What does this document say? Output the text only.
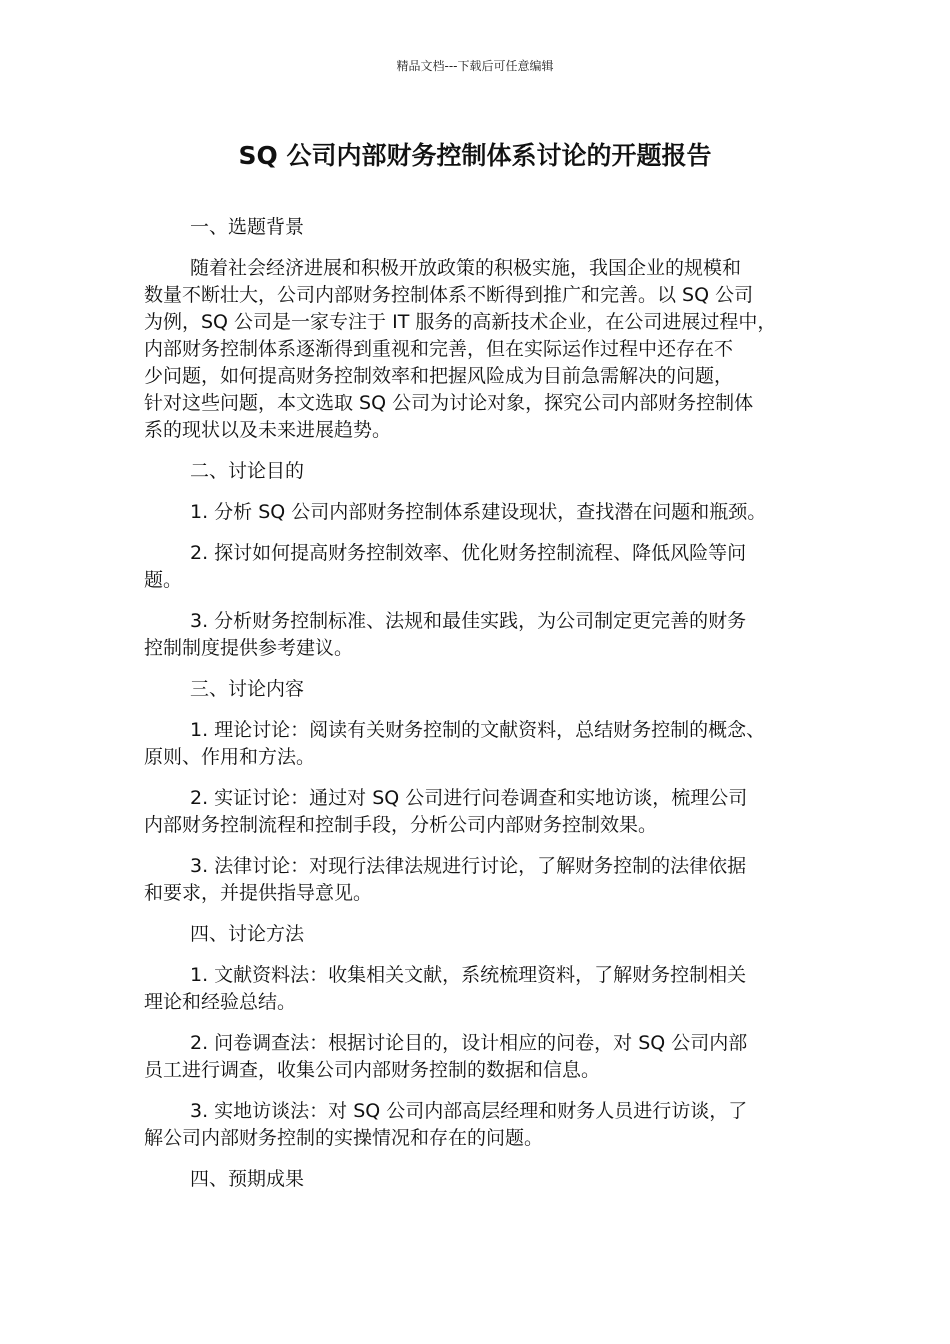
精品文档---下载后可任意编辑
SQ 公司内部财务控制体系讨论的开题报告
一、选题背景
随着社会经济进展和积极开放政策的积极实施，我国企业的规模和
数量不断壮大，公司内部财务控制体系不断得到推广和完善。以 SQ 公司
为例，SQ 公司是一家专注于 IT 服务的高新技术企业，在公司进展过程中，
内部财务控制体系逐渐得到重视和完善，但在实际运作过程中还存在不
少问题，如何提高财务控制效率和把握风险成为目前急需解决的问题，
针对这些问题，本文选取 SQ 公司为讨论对象，探究公司内部财务控制体
系的现状以及未来进展趋势。
二、讨论目的
1. 分析 SQ 公司内部财务控制体系建设现状，查找潜在问题和瓶颈。
2. 探讨如何提高财务控制效率、优化财务控制流程、降低风险等问
题。
3. 分析财务控制标准、法规和最佳实践，为公司制定更完善的财务
控制制度提供参考建议。
三、讨论内容
1. 理论讨论：阅读有关财务控制的文献资料，总结财务控制的概念、
原则、作用和方法。
2. 实证讨论：通过对 SQ 公司进行问卷调查和实地访谈，梳理公司
内部财务控制流程和控制手段，分析公司内部财务控制效果。
3. 法律讨论：对现行法律法规进行讨论，了解财务控制的法律依据
和要求，并提供指导意见。
四、讨论方法
1. 文献资料法：收集相关文献，系统梳理资料，了解财务控制相关
理论和经验总结。
2. 问卷调查法：根据讨论目的，设计相应的问卷，对 SQ 公司内部
员工进行调查，收集公司内部财务控制的数据和信息。
3. 实地访谈法：对 SQ 公司内部高层经理和财务人员进行访谈，了
解公司内部财务控制的实操情况和存在的问题。
四、预期成果
